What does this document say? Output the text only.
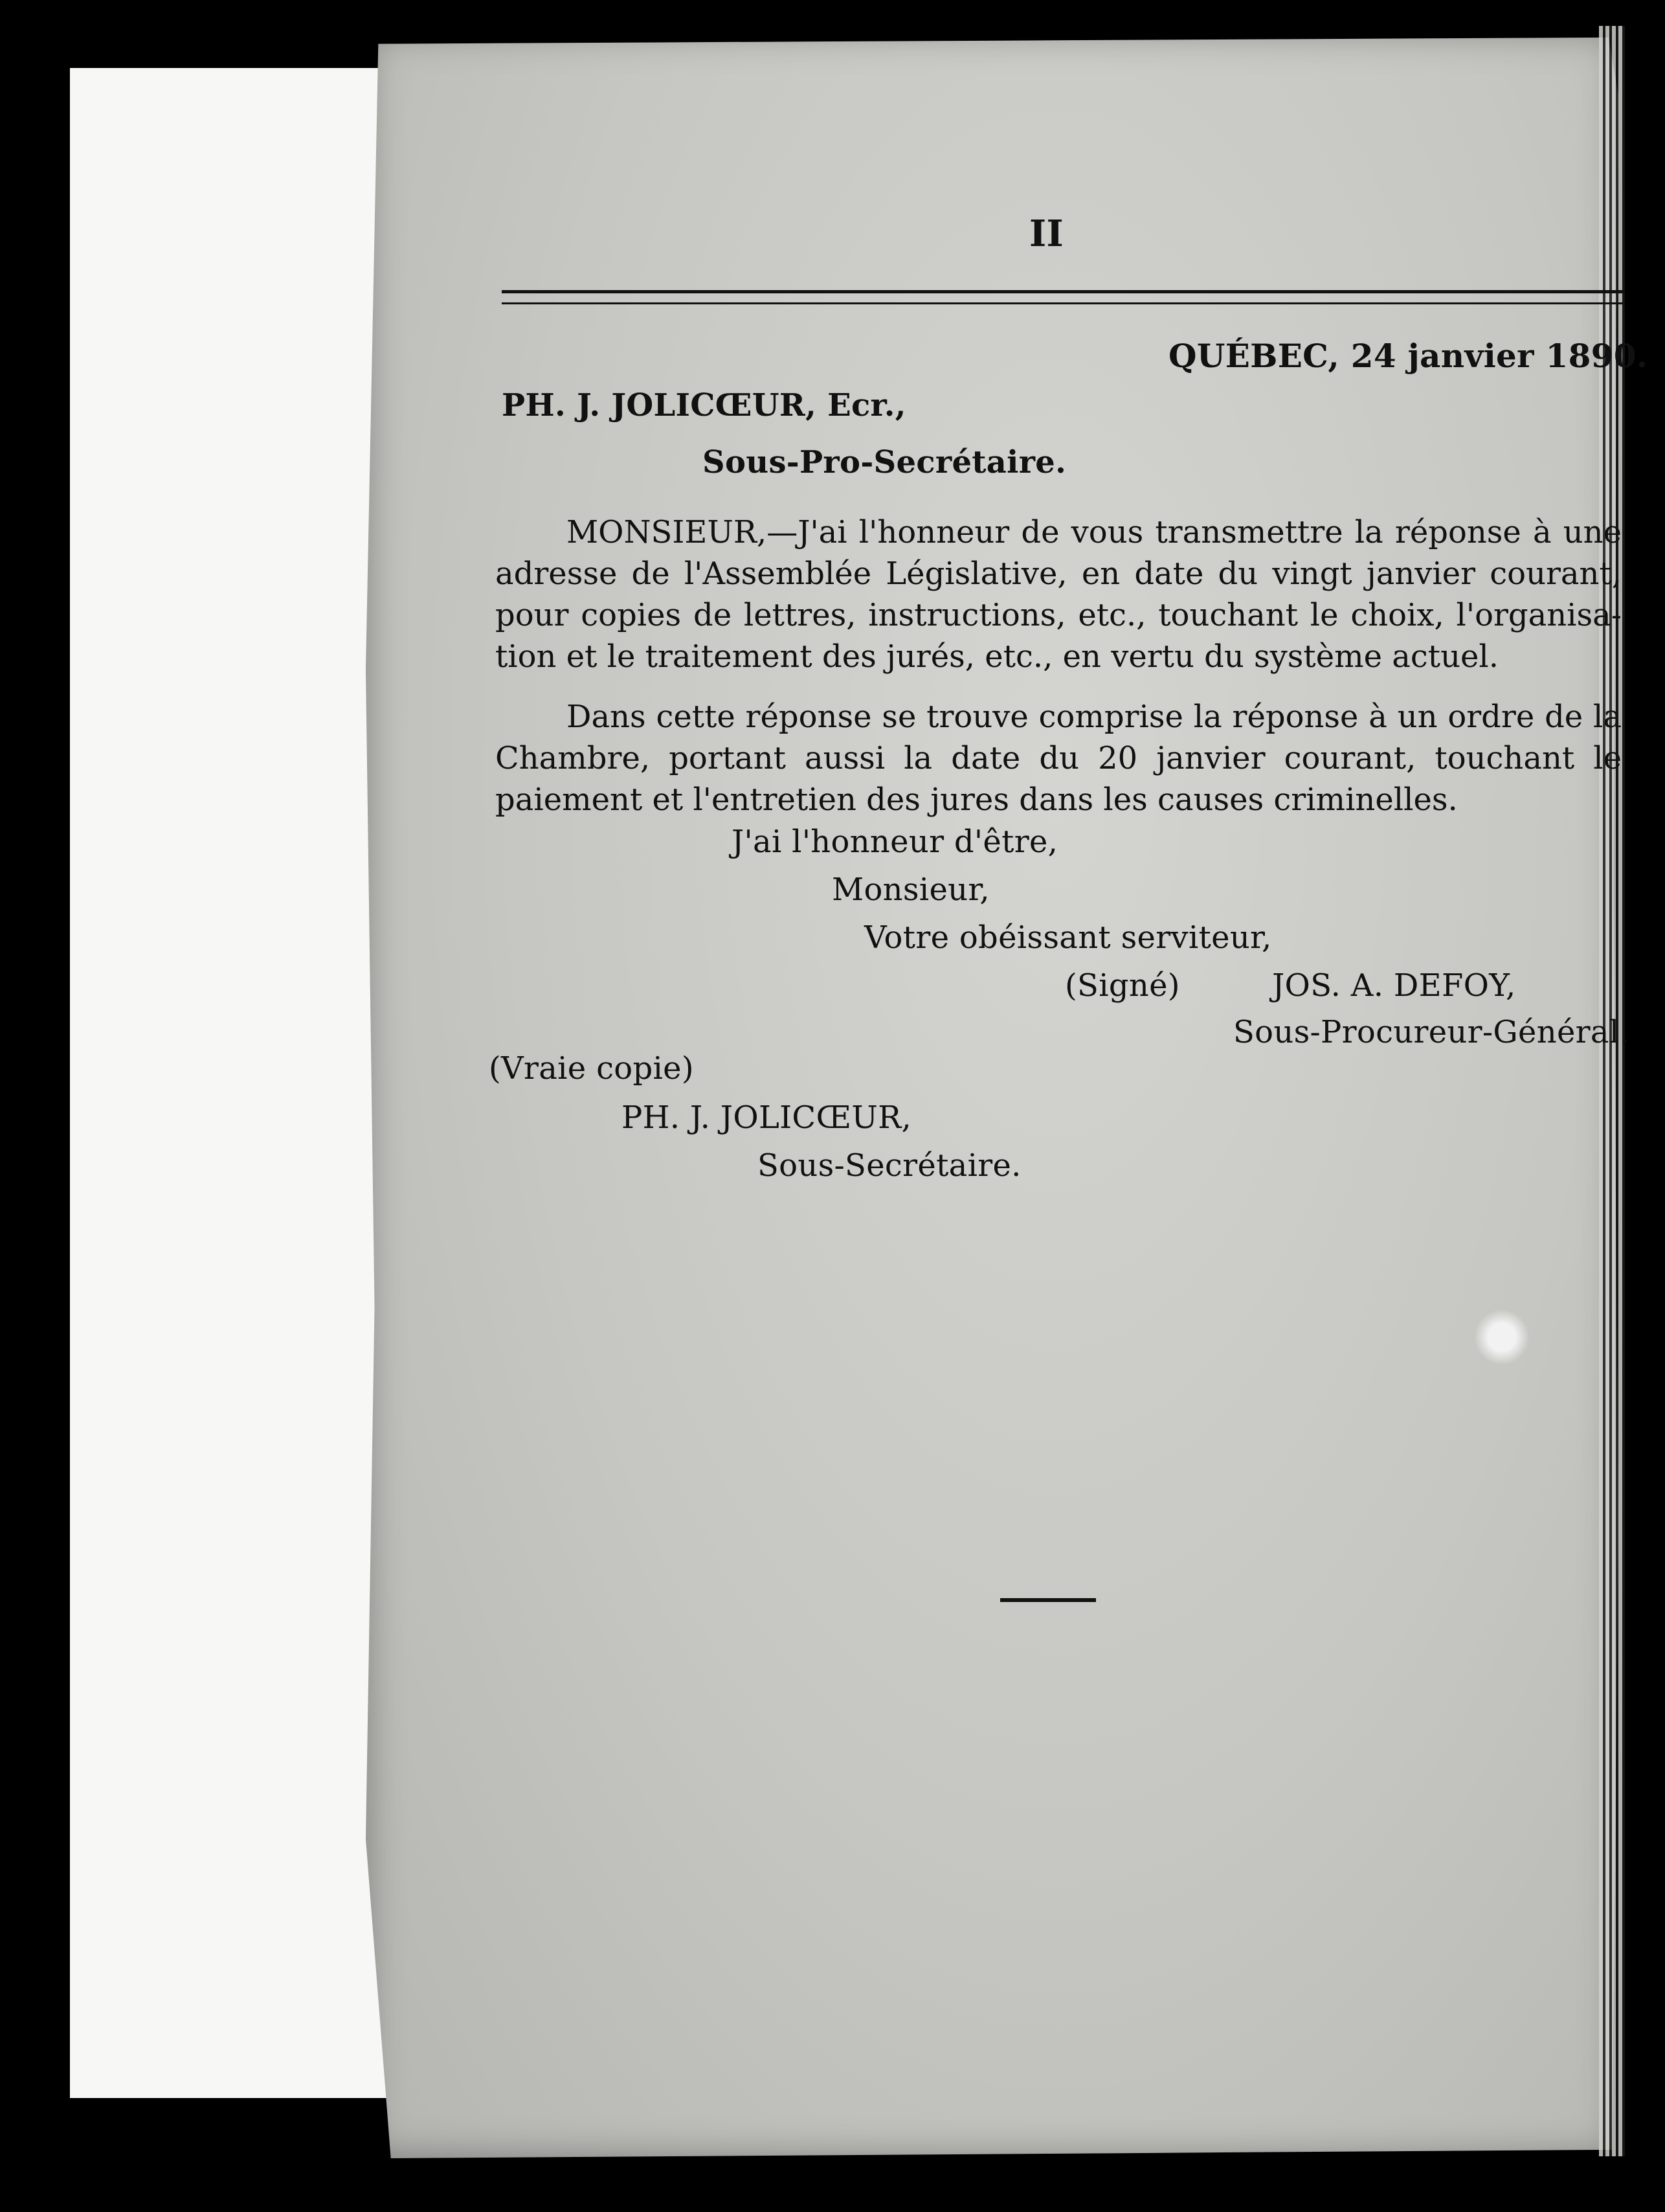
II
QUÉBEC, 24 janvier 1890.
PH. J. JOLICŒUR, Ecr.,
Sous-Pro-Secrétaire.
MONSIEUR,—J'ai l'honneur de vous transmettre la réponse à une
adresse de l'Assemblée Législative, en date du vingt janvier courant,
pour copies de lettres, instructions, etc., touchant le choix, l'organisa-
tion et le traitement des jurés, etc., en vertu du système actuel.
Dans cette réponse se trouve comprise la réponse à un ordre de la
Chambre, portant aussi la date du 20 janvier courant, touchant le
paiement et l'entretien des jures dans les causes criminelles.
J'ai l'honneur d'être,
Monsieur,
Votre obéissant serviteur,
(Signé)	JOS. A. DEFOY,
Sous-Procureur-Général.
(Vraie copie)
PH. J. JOLICŒUR,
Sous-Secrétaire.
